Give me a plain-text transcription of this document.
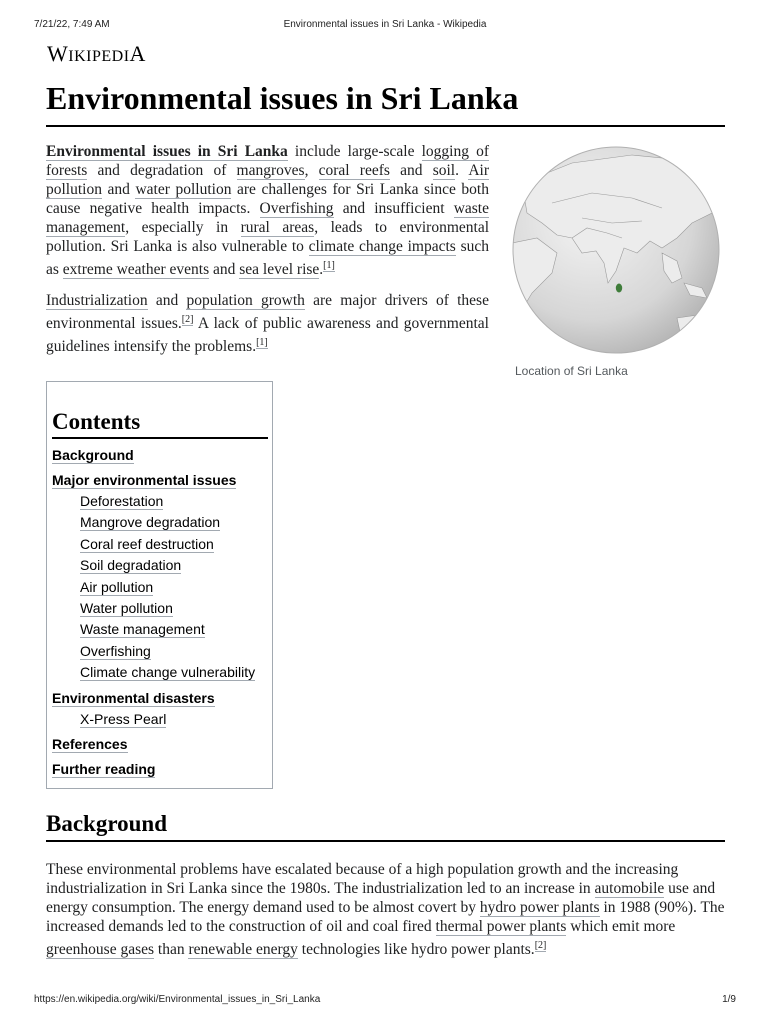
7/21/22, 7:49 AM	Environmental issues in Sri Lanka - Wikipedia
WIKIPEDIA
Environmental issues in Sri Lanka

Environmental issues in Sri Lanka include large-scale logging of forests and degradation of mangroves, coral reefs and soil. Air pollution and water pollution are challenges for Sri Lanka since both cause negative health impacts. Overfishing and insufficient waste management, especially in rural areas, leads to environmental pollution. Sri Lanka is also vulnerable to climate change impacts such as extreme weather events and sea level rise.[1]

Industrialization and population growth are major drivers of these environmental issues.[2] A lack of public awareness and governmental guidelines intensify the problems.[1]

Location of Sri Lanka
Contents
Background
Major environmental issues
Deforestation
Mangrove degradation
Coral reef destruction
Soil degradation
Air pollution
Water pollution
Waste management
Overfishing
Climate change vulnerability
Environmental disasters
X-Press Pearl
References
Further reading
Background

These environmental problems have escalated because of a high population growth and the increasing industrialization in Sri Lanka since the 1980s. The industrialization led to an increase in automobile use and energy consumption. The energy demand used to be almost covert by hydro power plants in 1988 (90%). The increased demands led to the construction of oil and coal fired thermal power plants which emit more greenhouse gases than renewable energy technologies like hydro power plants.[2]

https://en.wikipedia.org/wiki/Environmental_issues_in_Sri_Lanka	1/9
